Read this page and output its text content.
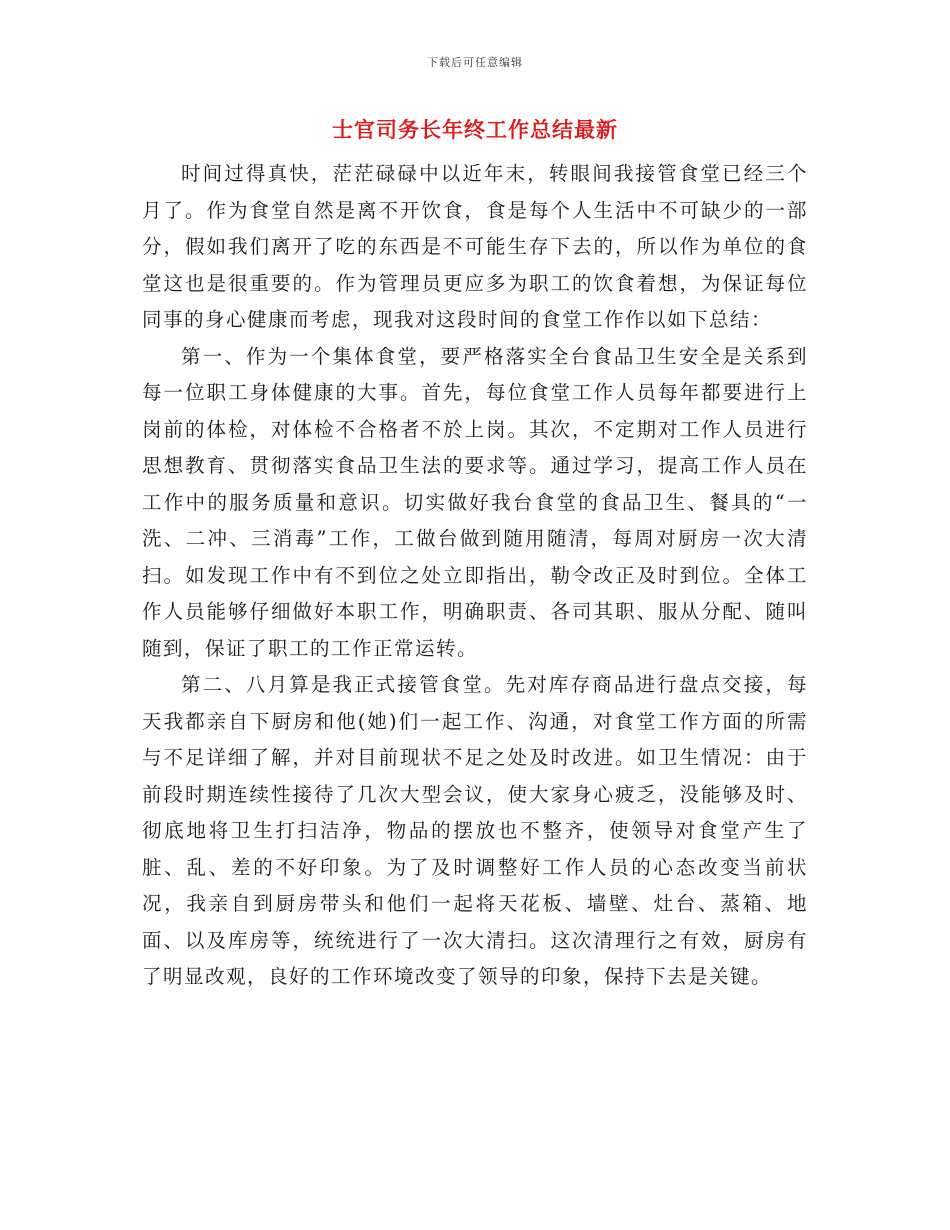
下载后可任意编辑
士官司务长年终工作总结最新

时间过得真快，茫茫碌碌中以近年末，转眼间我接管食堂已经三个月了。作为食堂自然是离不开饮食，食是每个人生活中不可缺少的一部分，假如我们离开了吃的东西是不可能生存下去的，所以作为单位的食堂这也是很重要的。作为管理员更应多为职工的饮食着想，为保证每位同事的身心健康而考虑，现我对这段时间的食堂工作作以如下总结：

第一、作为一个集体食堂，要严格落实全台食品卫生安全是关系到每一位职工身体健康的大事。首先，每位食堂工作人员每年都要进行上岗前的体检，对体检不合格者不於上岗。其次，不定期对工作人员进行思想教育、贯彻落实食品卫生法的要求等。通过学习，提高工作人员在工作中的服务质量和意识。切实做好我台食堂的食品卫生、餐具的“一洗、二冲、三消毒”工作，工做台做到随用随清，每周对厨房一次大清扫。如发现工作中有不到位之处立即指出，勒令改正及时到位。全体工作人员能够仔细做好本职工作，明确职责、各司其职、服从分配、随叫随到，保证了职工的工作正常运转。

第二、八月算是我正式接管食堂。先对库存商品进行盘点交接，每天我都亲自下厨房和他(她)们一起工作、沟通，对食堂工作方面的所需与不足详细了解，并对目前现状不足之处及时改进。如卫生情况：由于前段时期连续性接待了几次大型会议，使大家身心疲乏，没能够及时、彻底地将卫生打扫洁净，物品的摆放也不整齐，使领导对食堂产生了脏、乱、差的不好印象。为了及时调整好工作人员的心态改变当前状况，我亲自到厨房带头和他们一起将天花板、墙壁、灶台、蒸箱、地面、以及库房等，统统进行了一次大清扫。这次清理行之有效，厨房有了明显改观，良好的工作环境改变了领导的印象，保持下去是关键。
